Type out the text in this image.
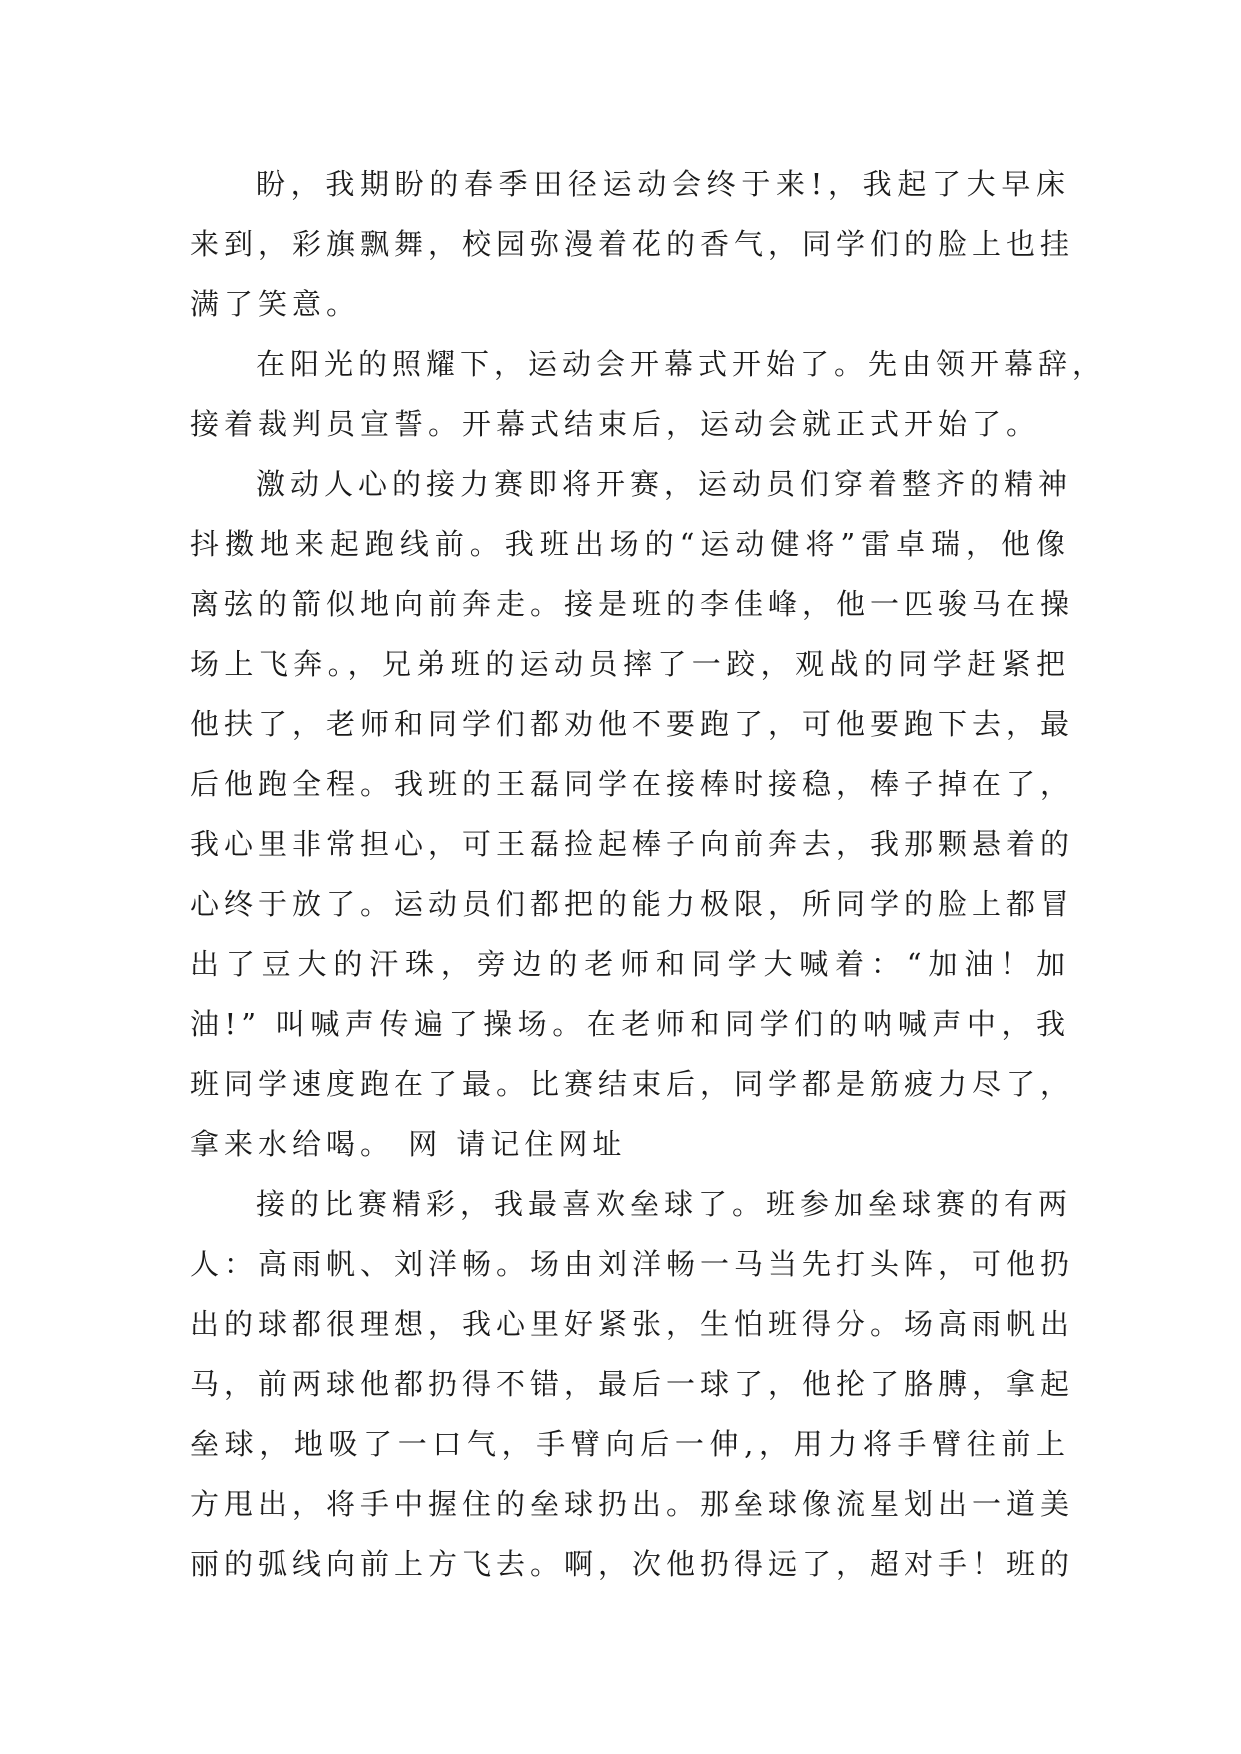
盼，我期盼的春季田径运动会终于来!，我起了大早床
来到，彩旗飘舞，校园弥漫着花的香气，同学们的脸上也挂
满了笑意。
在阳光的照耀下，运动会开幕式开始了。先由领开幕辞，
接着裁判员宣誓。开幕式结束后，运动会就正式开始了。
激动人心的接力赛即将开赛，运动员们穿着整齐的精神
抖擞地来起跑线前。我班出场的“运动健将”雷卓瑞，他像
离弦的箭似地向前奔走。接是班的李佳峰，他一匹骏马在操
场上飞奔。，兄弟班的运动员摔了一跤，观战的同学赶紧把
他扶了，老师和同学们都劝他不要跑了，可他要跑下去，最
后他跑全程。我班的王磊同学在接棒时接稳，棒子掉在了，
我心里非常担心，可王磊捡起棒子向前奔去，我那颗悬着的
心终于放了。运动员们都把的能力极限，所同学的脸上都冒
出了豆大的汗珠，旁边的老师和同学大喊着：“加油！加
油!” 叫喊声传遍了操场。在老师和同学们的呐喊声中，我
班同学速度跑在了最。比赛结束后，同学都是筋疲力尽了，
拿来水给喝。 网 请记住网址
接的比赛精彩，我最喜欢垒球了。班参加垒球赛的有两
人：高雨帆、刘洋畅。场由刘洋畅一马当先打头阵，可他扔
出的球都很理想，我心里好紧张，生怕班得分。场高雨帆出
马，前两球他都扔得不错，最后一球了，他抡了胳膊，拿起
垒球，地吸了一口气，手臂向后一伸,，用力将手臂往前上
方甩出，将手中握住的垒球扔出。那垒球像流星划出一道美
丽的弧线向前上方飞去。啊，次他扔得远了，超对手！班的
